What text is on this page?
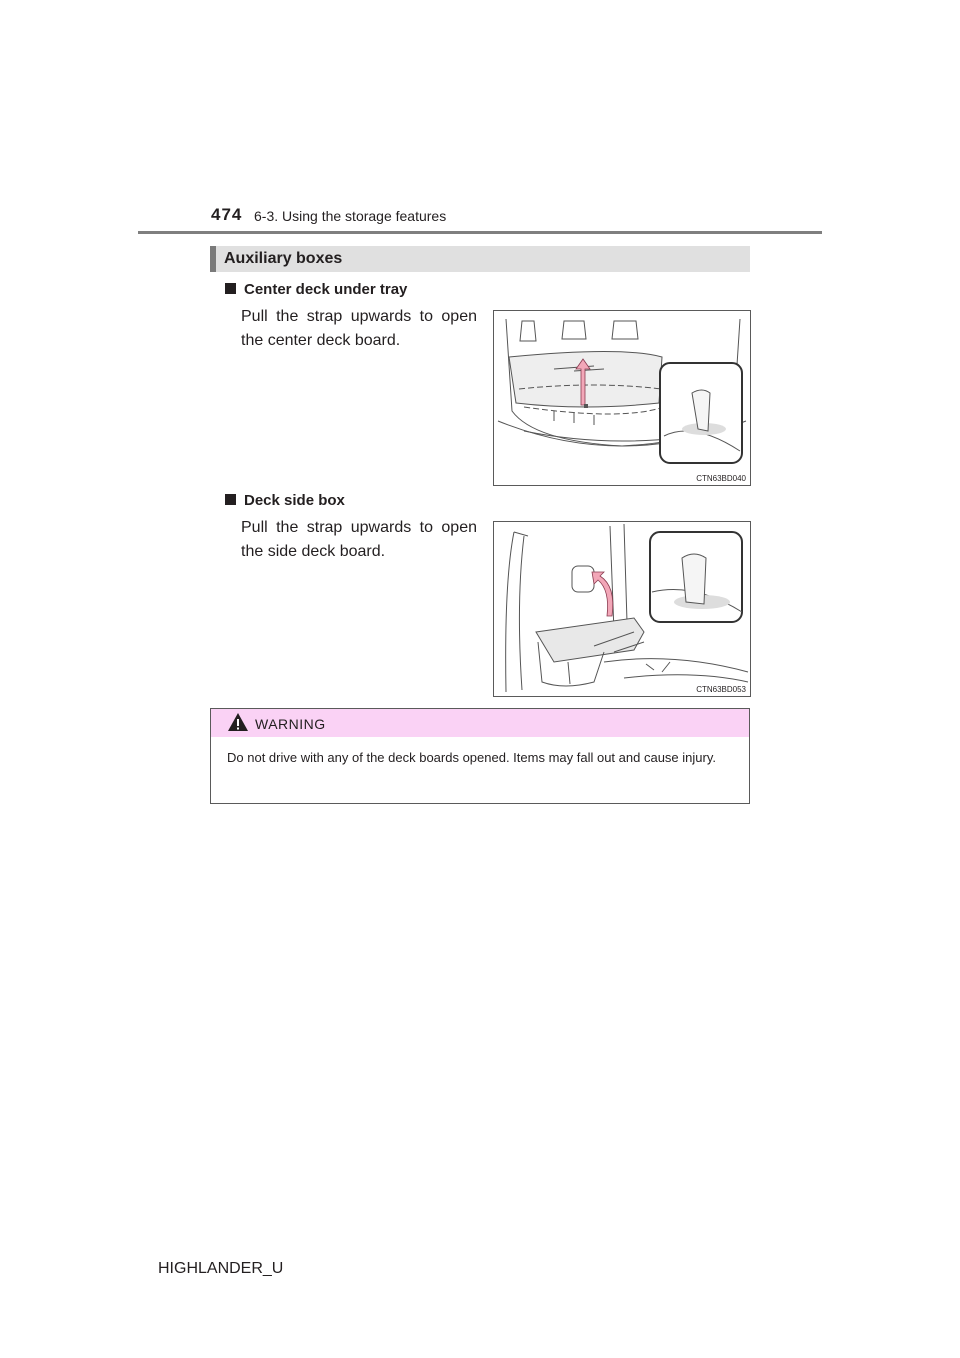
474 6-3. Using the storage features
Auxiliary boxes
Center deck under tray
Pull the strap upwards to open the center deck board.
CTN63BD040
Deck side box
Pull the strap upwards to open the side deck board.
CTN63BD053
WARNING
Do not drive with any of the deck boards opened. Items may fall out and cause injury.
HIGHLANDER_U
